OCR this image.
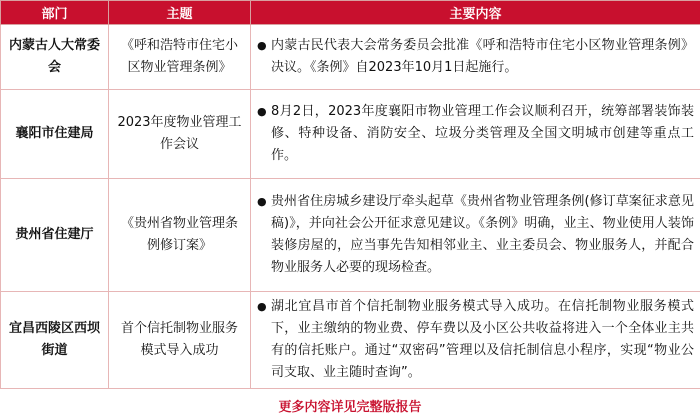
部门	主题	主要内容
内蒙古人大常委会	《呼和浩特市住宅小区物业管理条例》	● 内蒙古民代表大会常务委员会批准《呼和浩特市住宅小区物业管理条例》决议。《条例》自2023年10月1日起施行。

襄阳市住建局	2023年度物业管理工作会议	● 8月2日，2023年度襄阳市物业管理工作会议顺利召开，统筹部署装饰装修、特种设备、消防安全、垃圾分类管理及全国文明城市创建等重点工作。

贵州省住建厅	《贵州省物业管理条例修订案》	● 贵州省住房城乡建设厅牵头起草《贵州省物业管理条例(修订草案征求意见稿)》，并向社会公开征求意见建议。《条例》明确，业主、物业使用人装饰装修房屋的，应当事先告知相邻业主、业主委员会、物业服务人，并配合物业服务人必要的现场检查。

宜昌西陵区西坝街道	首个信托制物业服务模式导入成功	● 湖北宜昌市首个信托制物业服务模式导入成功。在信托制物业服务模式下，业主缴纳的物业费、停车费以及小区公共收益将进入一个全体业主共有的信托账户。通过“双密码”管理以及信托制信息小程序，实现“物业公司支取、业主随时查询”。
更多内容详见完整版报告
